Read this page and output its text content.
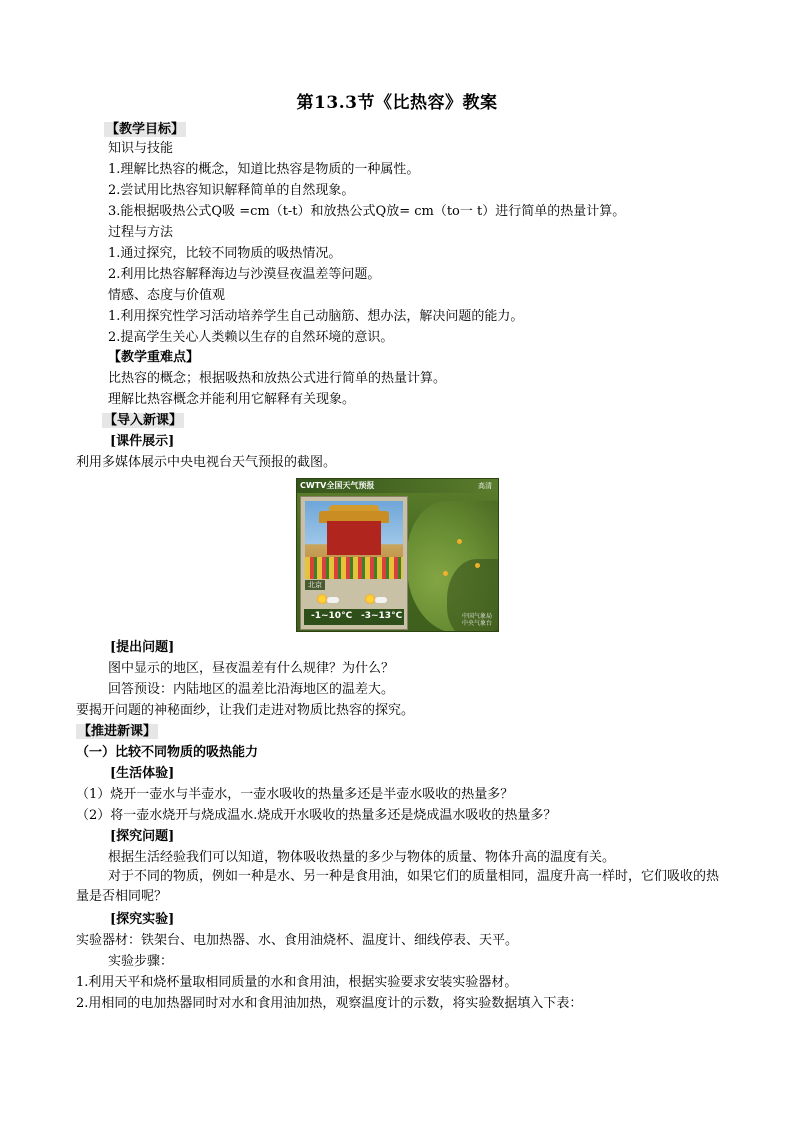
第13.3节《比热容》教案
【教学目标】
知识与技能
1.理解比热容的概念，知道比热容是物质的一种属性。
2.尝试用比热容知识解释简单的自然现象。
3.能根据吸热公式Q吸 =cm（t-t）和放热公式Q放= cm（to一 t）进行简单的热量计算。
过程与方法
1.通过探究，比较不同物质的吸热情况。
2.利用比热容解释海边与沙漠昼夜温差等问题。
情感、态度与价值观
1.利用探究性学习活动培养学生自己动脑筋、想办法，解决问题的能力。
2.提高学生关心人类赖以生存的自然环境的意识。
【教学重难点】
比热容的概念；根据吸热和放热公式进行简单的热量计算。
理解比热容概念并能利用它解释有关现象。
【导入新课】
[课件展示]
利用多媒体展示中央电视台天气预报的截图。
CWTV全国天气预报	高清
北京
-1~10°C -3~13°C	中国气象局
中央气象台
[提出问题]
图中显示的地区，昼夜温差有什么规律？为什么？
回答预设：内陆地区的温差比沿海地区的温差大。
要揭开问题的神秘面纱，让我们走进对物质比热容的探究。
【推进新课】
（一）比较不同物质的吸热能力
[生活体验]
（1）烧开一壶水与半壶水，一壶水吸收的热量多还是半壶水吸收的热量多？
（2）将一壶水烧开与烧成温水.烧成开水吸收的热量多还是烧成温水吸收的热量多？
[探究问题]
根据生活经验我们可以知道，物体吸收热量的多少与物体的质量、物体升高的温度有关。
对于不同的物质，例如一种是水、另一种是食用油，如果它们的质量相同，温度升高一样时，它们吸收的热量是否相同呢？
[探究实验]
实验器材：铁架台、电加热器、水、食用油烧杯、温度计、细线停表、天平。
实验步骤：
1.利用天平和烧杯量取相同质量的水和食用油，根据实验要求安装实验器材。
2.用相同的电加热器同时对水和食用油加热，观察温度计的示数，将实验数据填入下表：
